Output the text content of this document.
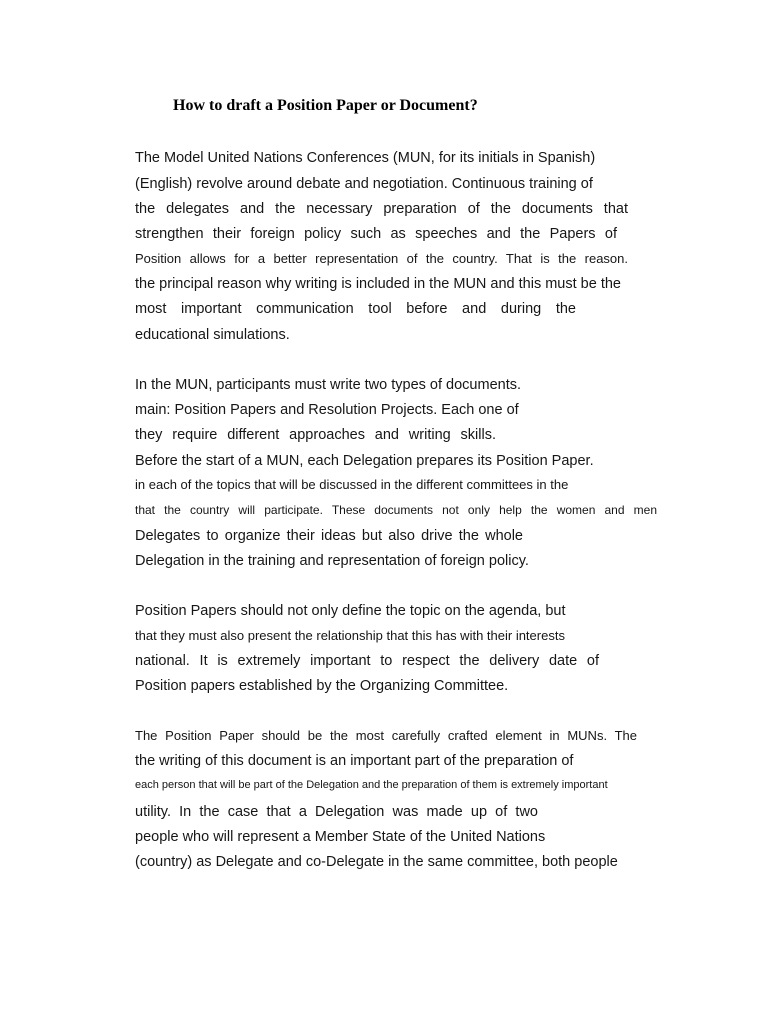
How to draft a Position Paper or Document?
The Model United Nations Conferences (MUN, for its initials in Spanish)
(English) revolve around debate and negotiation. Continuous training of
the delegates and the necessary preparation of the documents that
strengthen their foreign policy such as speeches and the Papers of
Position allows for a better representation of the country. That is the reason.
the principal reason why writing is included in the MUN and this must be the
most important communication tool before and during the
educational simulations.
In the MUN, participants must write two types of documents.
main: Position Papers and Resolution Projects. Each one of
they require different approaches and writing skills.
Before the start of a MUN, each Delegation prepares its Position Paper.
in each of the topics that will be discussed in the different committees in the
that the country will participate. These documents not only help the women and men
Delegates to organize their ideas but also drive the whole
Delegation in the training and representation of foreign policy.
Position Papers should not only define the topic on the agenda, but
that they must also present the relationship that this has with their interests
national. It is extremely important to respect the delivery date of
Position papers established by the Organizing Committee.
The Position Paper should be the most carefully crafted element in MUNs. The
the writing of this document is an important part of the preparation of
each person that will be part of the Delegation and the preparation of them is extremely important
utility. In the case that a Delegation was made up of two
people who will represent a Member State of the United Nations
(country) as Delegate and co-Delegate in the same committee, both people
